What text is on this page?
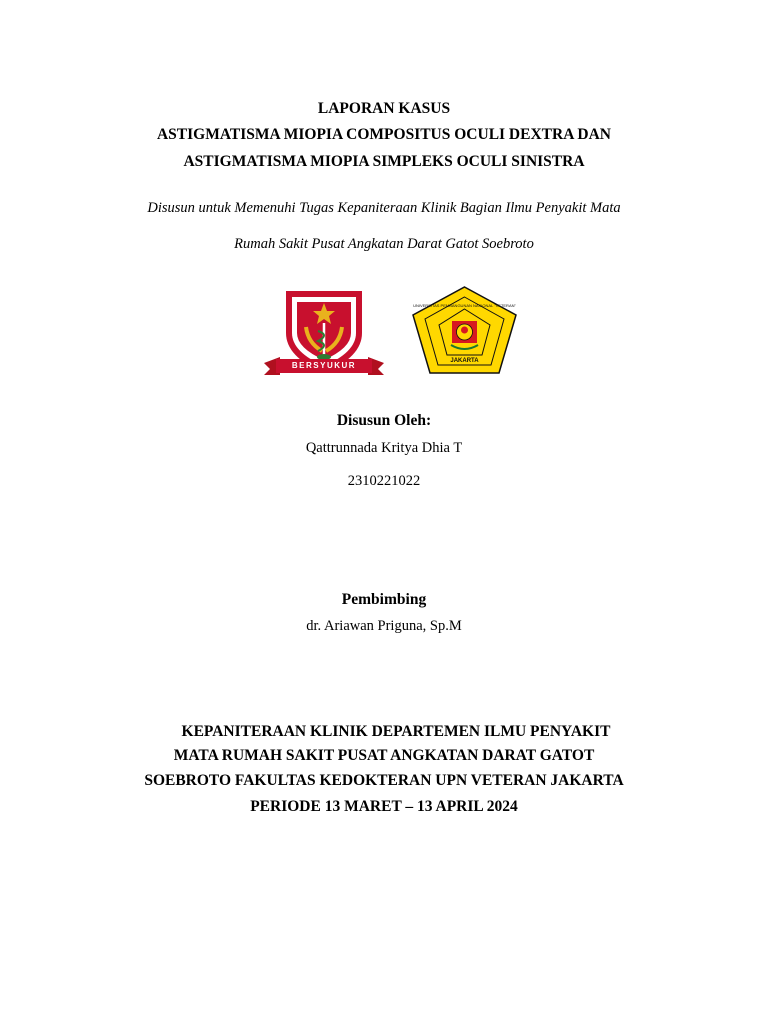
LAPORAN KASUS
ASTIGMATISMA MIOPIA COMPOSITUS OCULI DEXTRA DAN
ASTIGMATISMA MIOPIA SIMPLEKS OCULI SINISTRA
Disusun untuk Memenuhi Tugas Kepaniteraan Klinik Bagian Ilmu Penyakit Mata
Rumah Sakit Pusat Angkatan Darat Gatot Soebroto
BERSYUKUR	JAKARTA
UNIVERSITAS PEMBANGUNAN NASIONAL "VETERAN"
Disusun Oleh:
Qattrunnada Kritya Dhia T
2310221022
Pembimbing
dr. Ariawan Priguna, Sp.M
KEPANITERAAN KLINIK DEPARTEMEN ILMU PENYAKIT
MATA RUMAH SAKIT PUSAT ANGKATAN DARAT GATOT
SOEBROTO FAKULTAS KEDOKTERAN UPN VETERAN JAKARTA
PERIODE 13 MARET – 13 APRIL 2024
